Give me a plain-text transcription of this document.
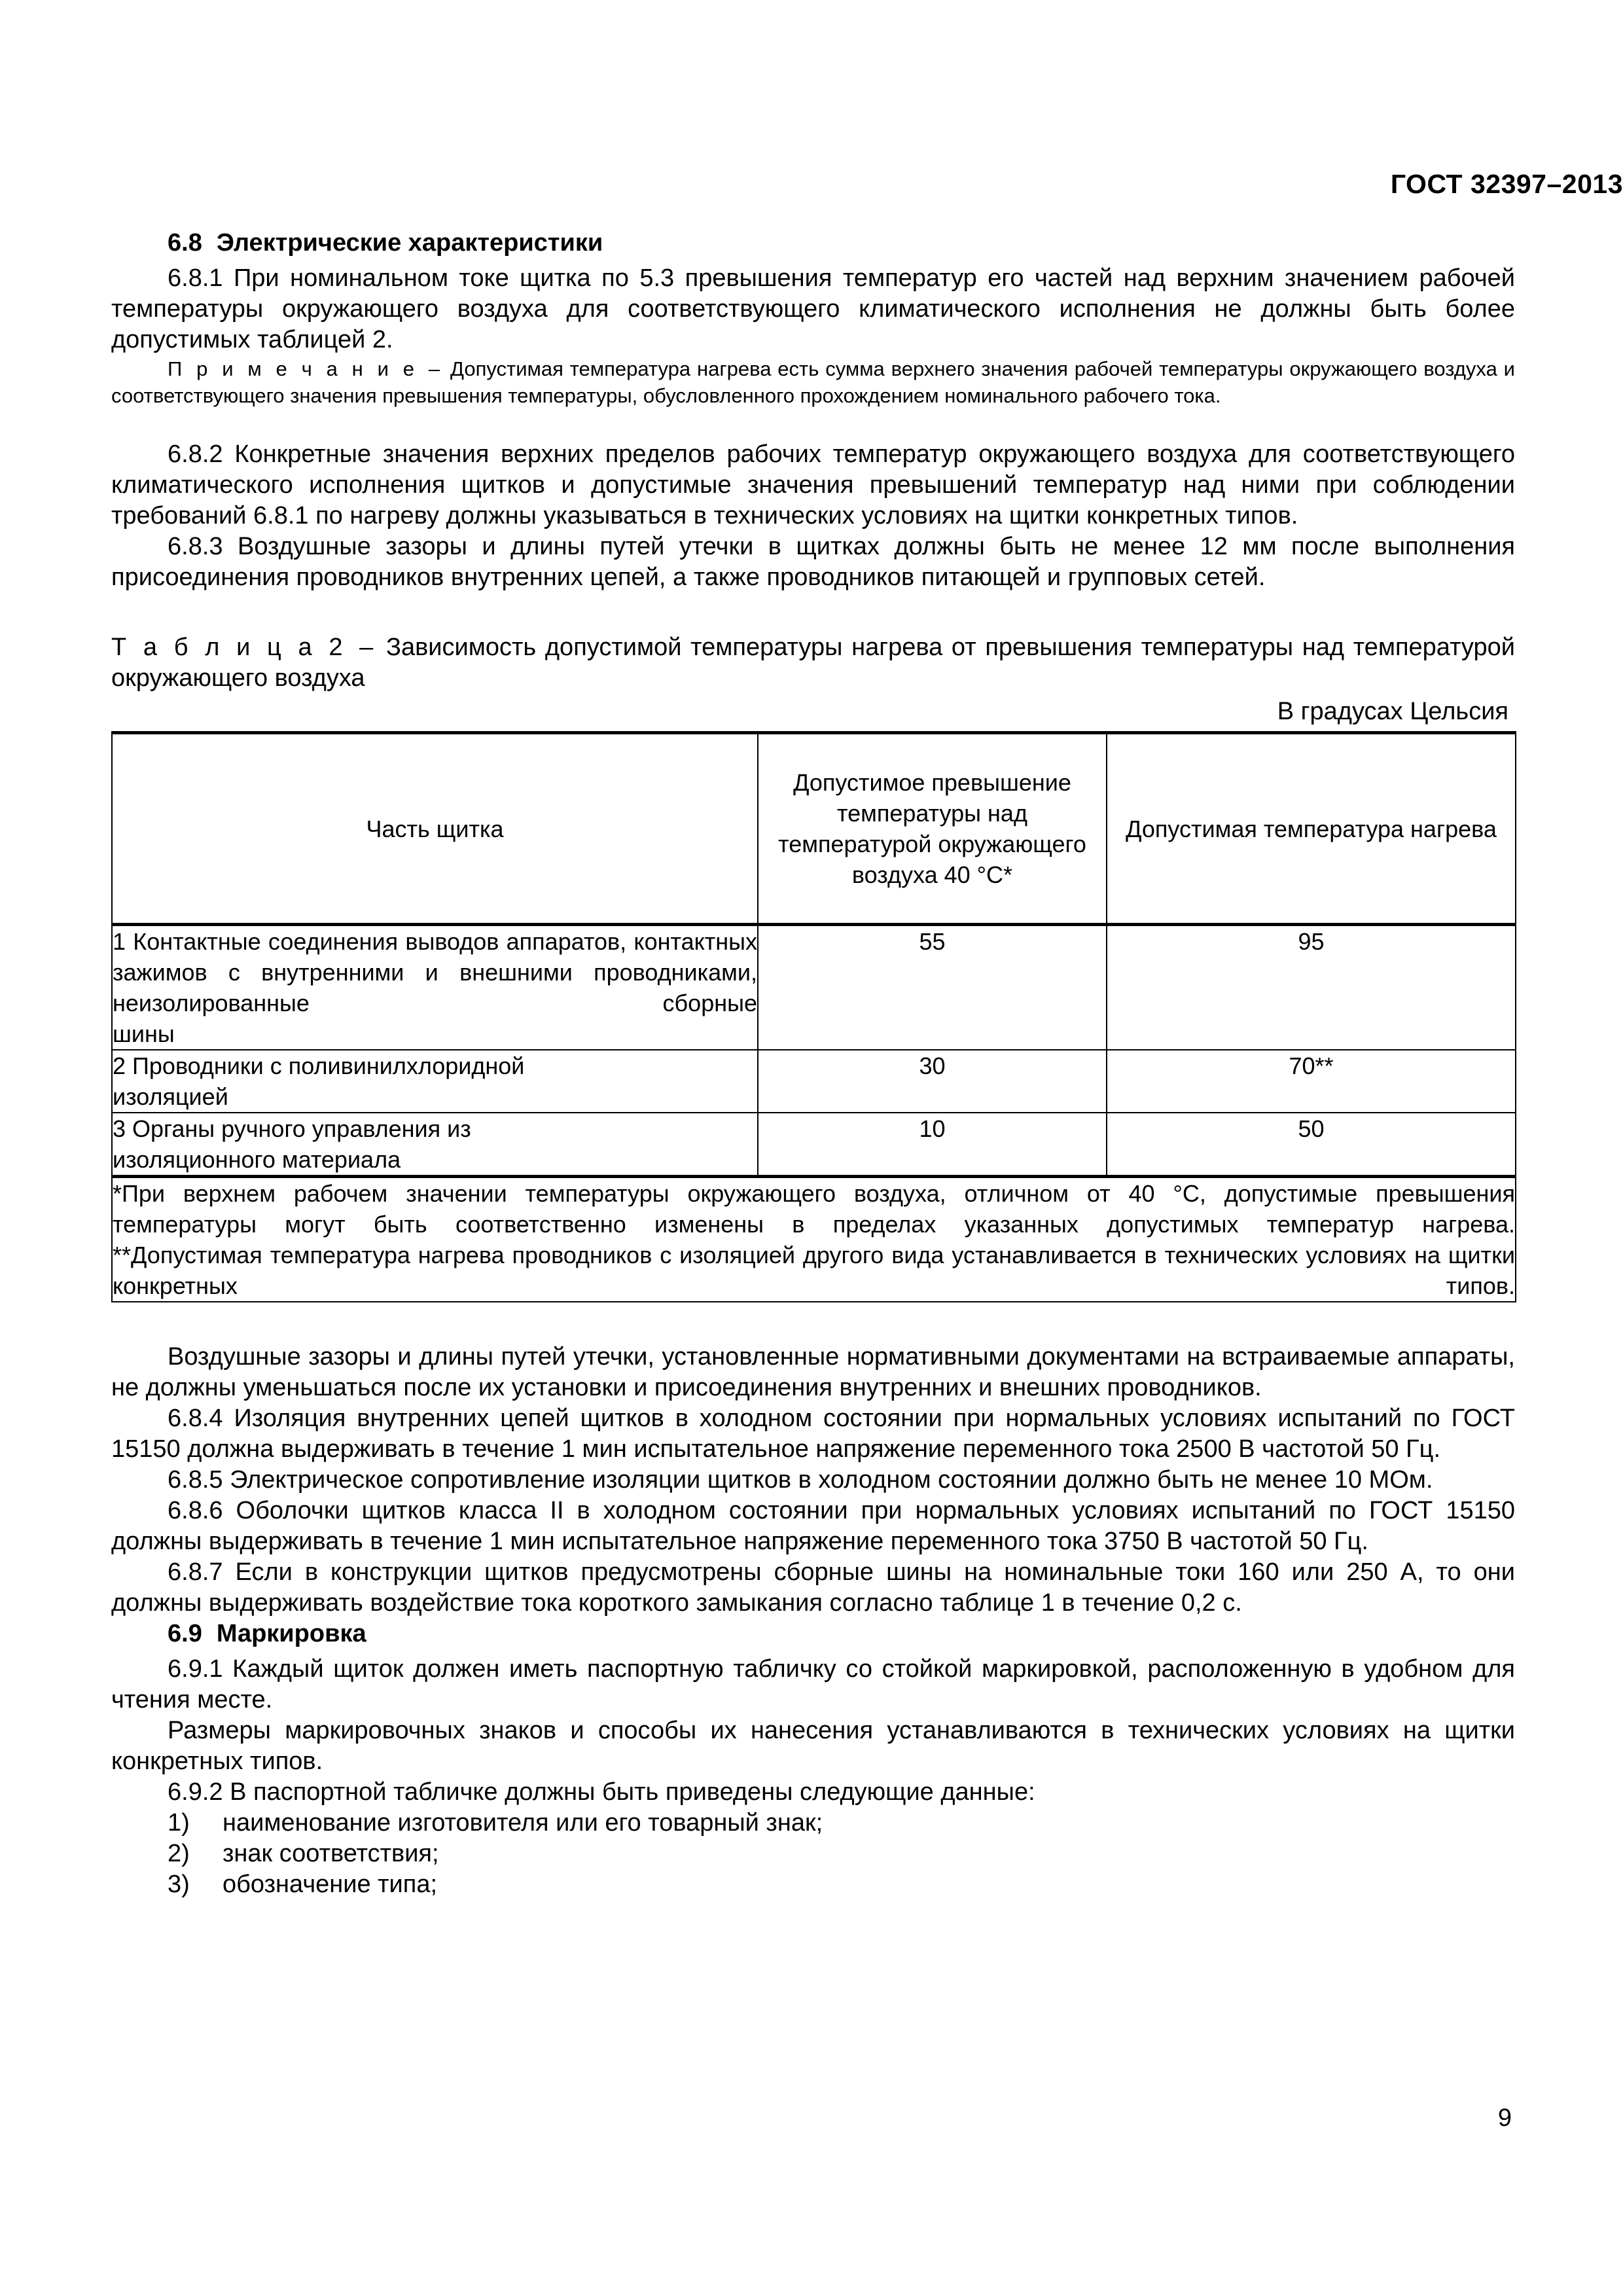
ГОСТ 32397–2013
6.8 Электрические характеристики

6.8.1 При номинальном токе щитка по 5.3 превышения температур его частей над верхним значением рабочей температуры окружающего воздуха для соответствующего климатического исполнения не должны быть более допустимых таблицей 2.

П р и м е ч а н и е – Допустимая температура нагрева есть сумма верхнего значения рабочей температуры окружающего воздуха и соответствующего значения превышения температуры, обусловленного прохождением номинального рабочего тока.

6.8.2 Конкретные значения верхних пределов рабочих температур окружающего воздуха для соответствующего климатического исполнения щитков и допустимые значения превышений температур над ними при соблюдении требований 6.8.1 по нагреву должны указываться в технических условиях на щитки конкретных типов.

6.8.3 Воздушные зазоры и длины путей утечки в щитках должны быть не менее 12 мм после выполнения присоединения проводников внутренних цепей, а также проводников питающей и групповых сетей.

Т а б л и ц а 2 – Зависимость допустимой температуры нагрева от превышения температуры над температурой окружающего воздуха

В градусах Цельсия
Часть щитка	Допустимое превышение температуры над температурой окружающего воздуха 40 °С*	Допустимая температура нагрева

1 Контактные соединения выводов аппаратов, контактных зажимов с внутренними и внешними проводниками, неизолированные сборные
шины	55	95

2 Проводники с поливинилхлоридной
изоляцией	30	70**

3 Органы ручного управления из
изоляционного материала	10	50

*При верхнем рабочем значении температуры окружающего воздуха, отличном от 40 °С, допустимые превышения температуры могут быть соответственно изменены в пределах указанных допустимых температур нагрева.

**Допустимая температура нагрева проводников с изоляцией другого вида устанавливается в технических условиях на щитки конкретных типов.		

Воздушные зазоры и длины путей утечки, установленные нормативными документами на встраиваемые аппараты, не должны уменьшаться после их установки и присоединения внутренних и внешних проводников.

6.8.4 Изоляция внутренних цепей щитков в холодном состоянии при нормальных условиях испытаний по ГОСТ 15150 должна выдерживать в течение 1 мин испытательное напряжение переменного тока 2500 В частотой 50 Гц.

6.8.5 Электрическое сопротивление изоляции щитков в холодном состоянии должно быть не менее 10 МОм.

6.8.6 Оболочки щитков класса II в холодном состоянии при нормальных условиях испытаний по ГОСТ 15150 должны выдерживать в течение 1 мин испытательное напряжение переменного тока 3750 В частотой 50 Гц.

6.8.7 Если в конструкции щитков предусмотрены сборные шины на номинальные токи 160 или 250 А, то они должны выдерживать воздействие тока короткого замыкания согласно таблице 1 в течение 0,2 с.

6.9 Маркировка

6.9.1 Каждый щиток должен иметь паспортную табличку со стойкой маркировкой, расположенную в удобном для чтения месте.

Размеры маркировочных знаков и способы их нанесения устанавливаются в технических условиях на щитки конкретных типов.

6.9.2 В паспортной табличке должны быть приведены следующие данные:

1)	наименование изготовителя или его товарный знак;
2)	знак соответствия;
3)	обозначение типа;
9
